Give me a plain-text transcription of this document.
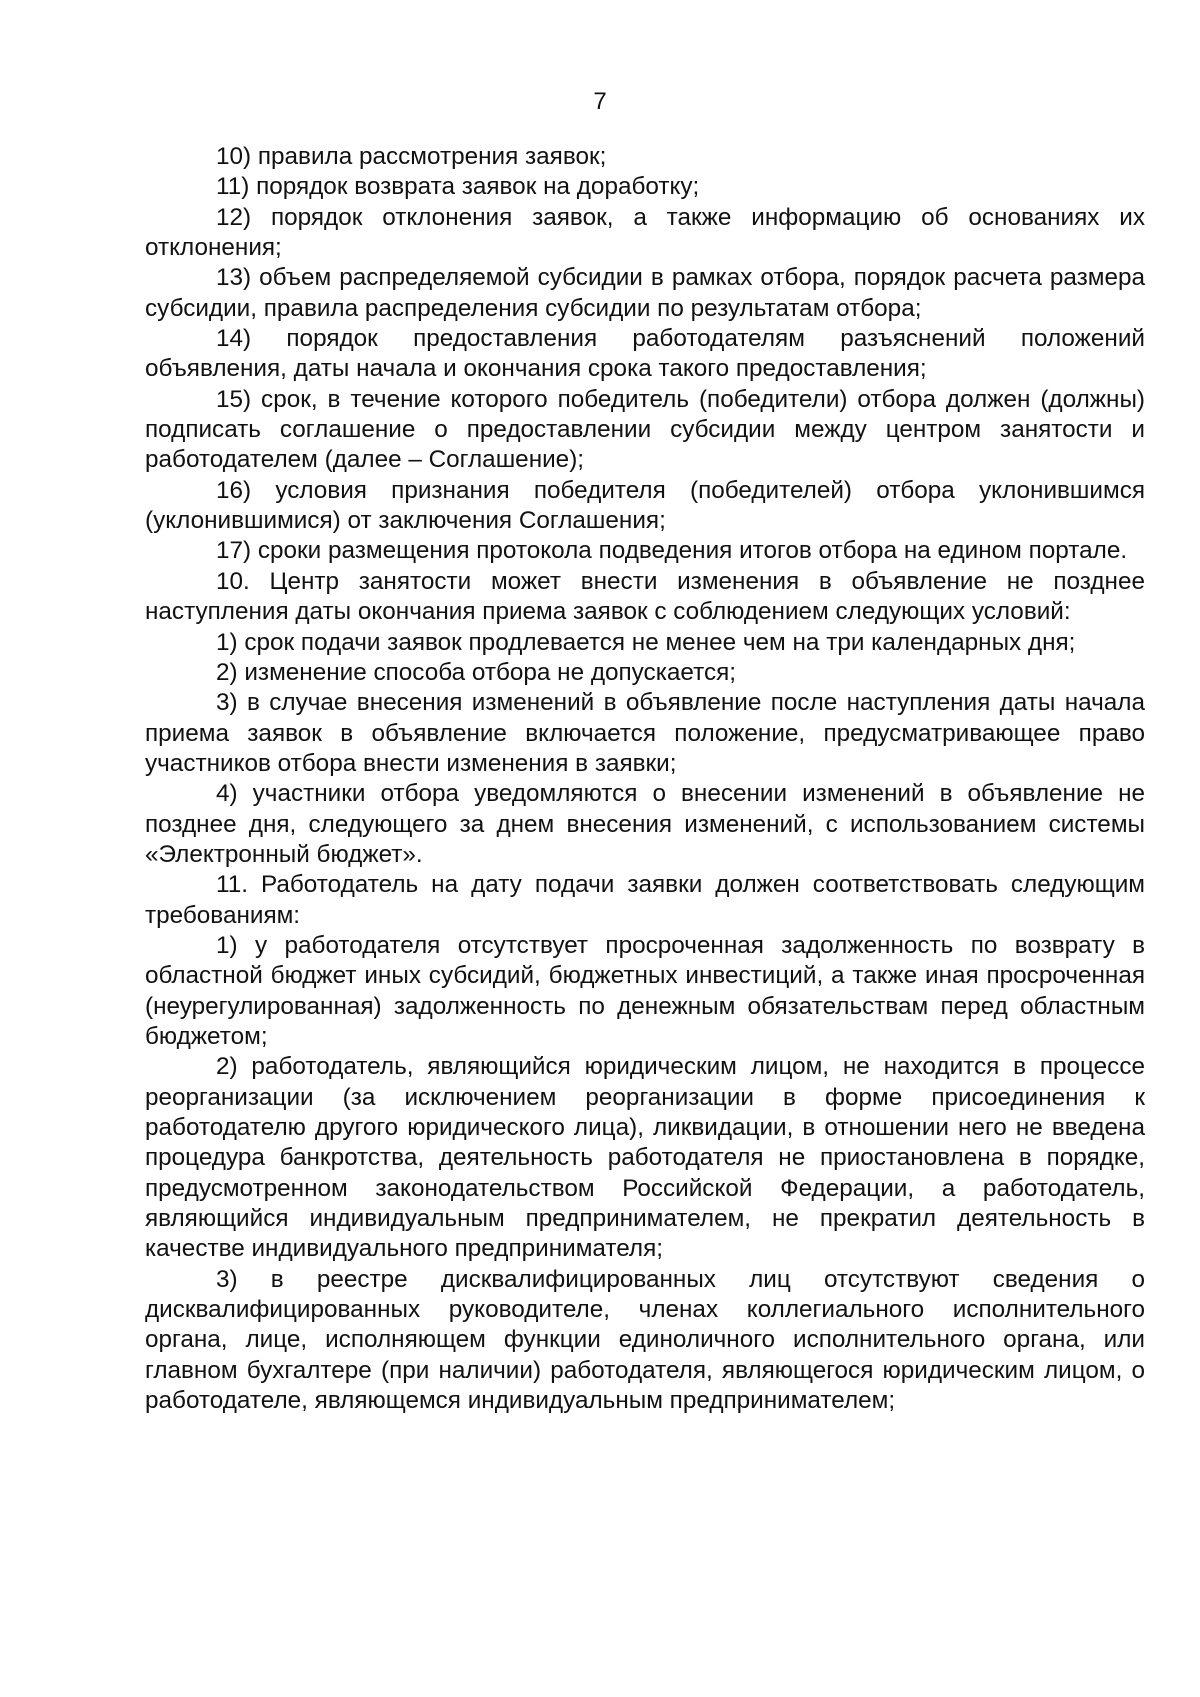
7

10) правила рассмотрения заявок;

11) порядок возврата заявок на доработку;

12) порядок отклонения заявок, а также информацию об основаниях их отклонения;

13) объем распределяемой субсидии в рамках отбора, порядок расчета размера субсидии, правила распределения субсидии по результатам отбора;

14) порядок предоставления работодателям разъяснений положений объявления, даты начала и окончания срока такого предоставления;

15) срок, в течение которого победитель (победители) отбора должен (должны) подписать соглашение о предоставлении субсидии между центром занятости и работодателем (далее – Соглашение);

16) условия признания победителя (победителей) отбора уклонившимся (уклонившимися) от заключения Соглашения;

17) сроки размещения протокола подведения итогов отбора на едином портале.

10. Центр занятости может внести изменения в объявление не позднее наступления даты окончания приема заявок с соблюдением следующих условий:

1) срок подачи заявок продлевается не менее чем на три календарных дня;

2) изменение способа отбора не допускается;

3) в случае внесения изменений в объявление после наступления даты начала приема заявок в объявление включается положение, предусматривающее право участников отбора внести изменения в заявки;

4) участники отбора уведомляются о внесении изменений в объявление не позднее дня, следующего за днем внесения изменений, с использованием системы «Электронный бюджет».

11. Работодатель на дату подачи заявки должен соответствовать следующим требованиям:

1) у работодателя отсутствует просроченная задолженность по возврату в областной бюджет иных субсидий, бюджетных инвестиций, а также иная просроченная (неурегулированная) задолженность по денежным обязательствам перед областным бюджетом;

2) работодатель, являющийся юридическим лицом, не находится в процессе реорганизации (за исключением реорганизации в форме присоединения к работодателю другого юридического лица), ликвидации, в отношении него не введена процедура банкротства, деятельность работодателя не приостановлена в порядке, предусмотренном законодательством Российской Федерации, а работодатель, являющийся индивидуальным предпринимателем, не прекратил деятельность в качестве индивидуального предпринимателя;

3) в реестре дисквалифицированных лиц отсутствуют сведения о дисквалифицированных руководителе, членах коллегиального исполнительного органа, лице, исполняющем функции единоличного исполнительного органа, или главном бухгалтере (при наличии) работодателя, являющегося юридическим лицом, о работодателе, являющемся индивидуальным предпринимателем;
